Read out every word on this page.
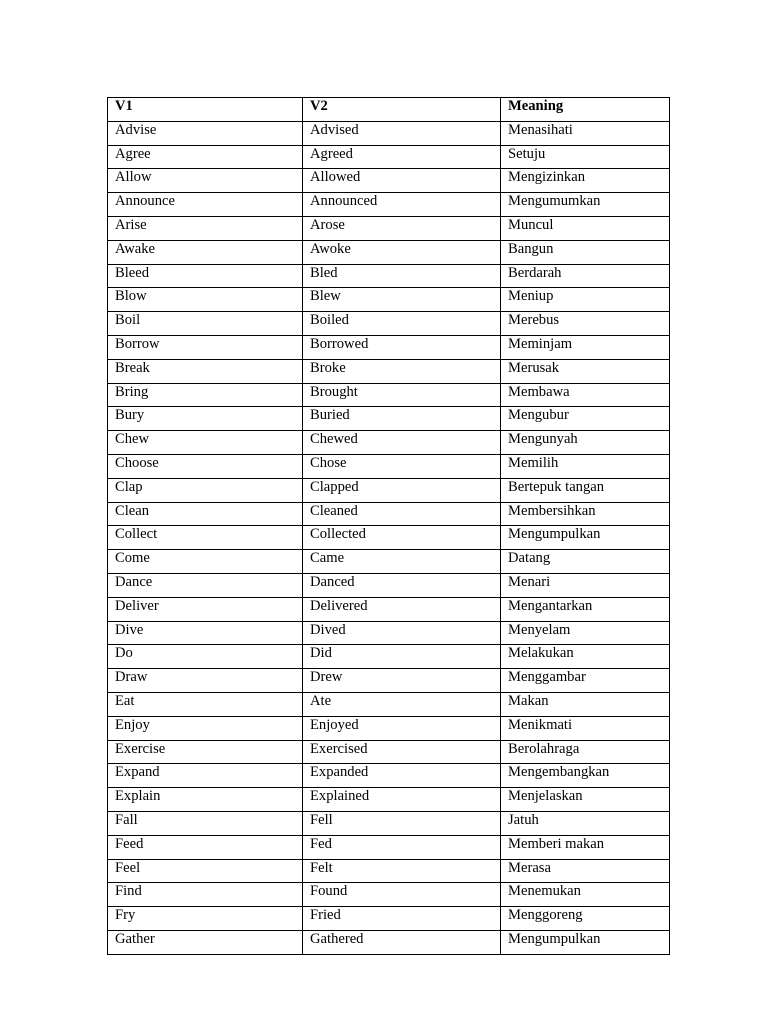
V1	V2	Meaning
Advise	Advised	Menasihati
Agree	Agreed	Setuju
Allow	Allowed	Mengizinkan
Announce	Announced	Mengumumkan
Arise	Arose	Muncul
Awake	Awoke	Bangun
Bleed	Bled	Berdarah
Blow	Blew	Meniup
Boil	Boiled	Merebus
Borrow	Borrowed	Meminjam
Break	Broke	Merusak
Bring	Brought	Membawa
Bury	Buried	Mengubur
Chew	Chewed	Mengunyah
Choose	Chose	Memilih
Clap	Clapped	Bertepuk tangan
Clean	Cleaned	Membersihkan
Collect	Collected	Mengumpulkan
Come	Came	Datang
Dance	Danced	Menari
Deliver	Delivered	Mengantarkan
Dive	Dived	Menyelam
Do	Did	Melakukan
Draw	Drew	Menggambar
Eat	Ate	Makan
Enjoy	Enjoyed	Menikmati
Exercise	Exercised	Berolahraga
Expand	Expanded	Mengembangkan
Explain	Explained	Menjelaskan
Fall	Fell	Jatuh
Feed	Fed	Memberi makan
Feel	Felt	Merasa
Find	Found	Menemukan
Fry	Fried	Menggoreng
Gather	Gathered	Mengumpulkan
